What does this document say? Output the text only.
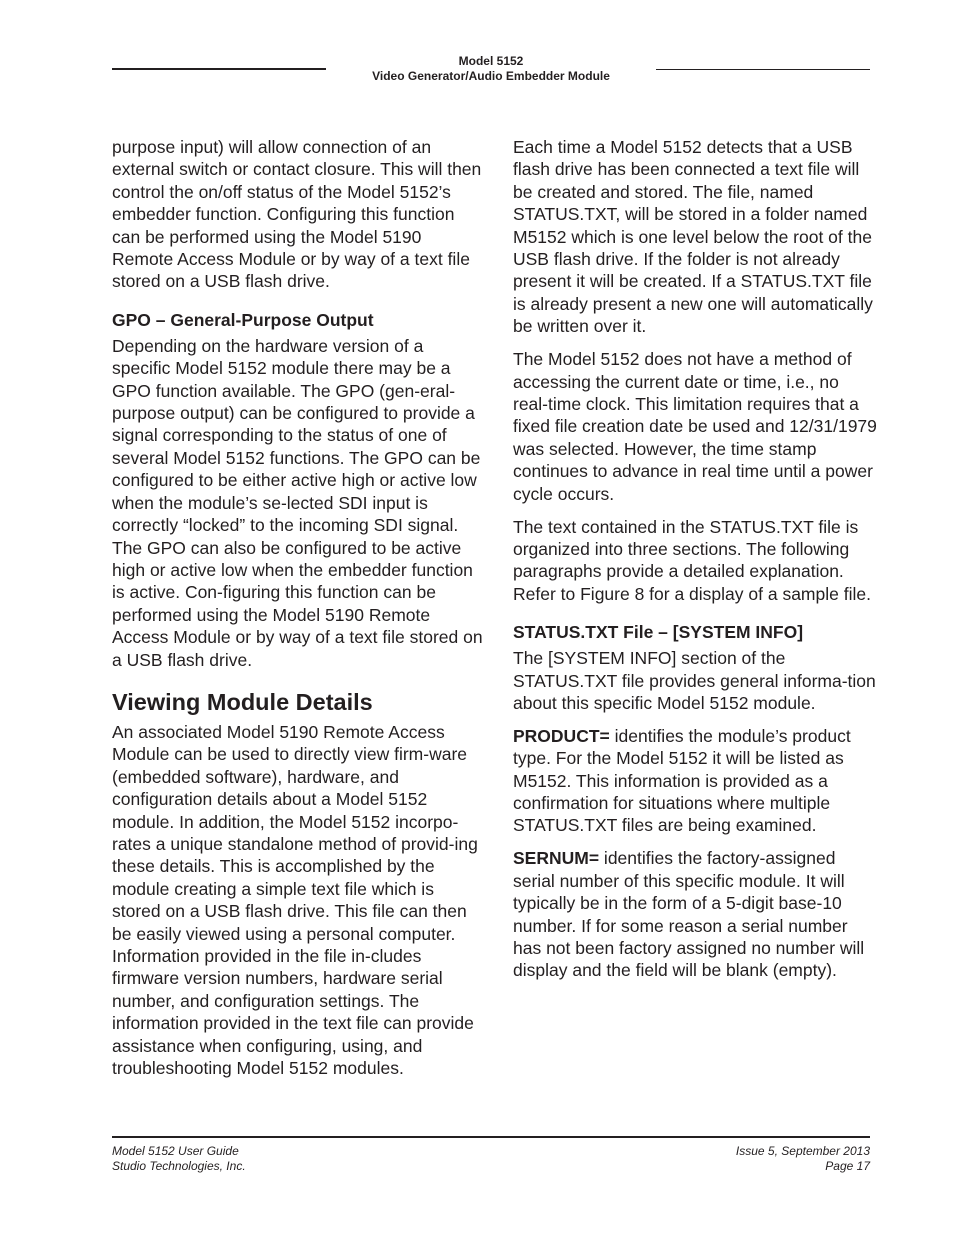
Model 5152
Video Generator/Audio Embedder Module

purpose input) will allow connection of an external switch or contact closure. This will then control the on/off status of the Model 5152’s embedder function. Configuring this function can be performed using the Model 5190 Remote Access Module or by way of a text file stored on a USB flash drive.

GPO – General-Purpose Output

Depending on the hardware version of a specific Model 5152 module there may be a GPO function available. The GPO (gen-eral-purpose output) can be configured to provide a signal corresponding to the status of one of several Model 5152 functions. The GPO can be configured to be either active high or active low when the module’s se-lected SDI input is correctly “locked” to the incoming SDI signal. The GPO can also be configured to be active high or active low when the embedder function is active. Con-figuring this function can be performed using the Model 5190 Remote Access Module or by way of a text file stored on a USB flash drive.

Viewing Module Details

An associated Model 5190 Remote Access Module can be used to directly view firm-ware (embedded software), hardware, and configuration details about a Model 5152 module. In addition, the Model 5152 incorpo-rates a unique standalone method of provid-ing these details. This is accomplished by the module creating a simple text file which is stored on a USB flash drive. This file can then be easily viewed using a personal computer. Information provided in the file in-cludes firmware version numbers, hardware serial number, and configuration settings. The information provided in the text file can provide assistance when configuring, using, and troubleshooting Model 5152 modules.

Each time a Model 5152 detects that a USB flash drive has been connected a text file will be created and stored. The file, named STATUS.TXT, will be stored in a folder named M5152 which is one level below the root of the USB flash drive. If the folder is not already present it will be created. If a STATUS.TXT file is already present a new one will automatically be written over it.

The Model 5152 does not have a method of accessing the current date or time, i.e., no real-time clock. This limitation requires that a fixed file creation date be used and 12/31/1979 was selected. However, the time stamp continues to advance in real time until a power cycle occurs.

The text contained in the STATUS.TXT file is organized into three sections. The following paragraphs provide a detailed explanation. Refer to Figure 8 for a display of a sample file.

STATUS.TXT File – [SYSTEM INFO]

The [SYSTEM INFO] section of the STATUS.TXT file provides general informa-tion about this specific Model 5152 module.

PRODUCT= identifies the module’s product type. For the Model 5152 it will be listed as M5152. This information is provided as a confirmation for situations where multiple STATUS.TXT files are being examined.

SERNUM= identifies the factory-assigned serial number of this specific module. It will typically be in the form of a 5-digit base-10 number. If for some reason a serial number has not been factory assigned no number will display and the field will be blank (empty).

Model 5152 User Guide
Studio Technologies, Inc.
Issue 5, September 2013
Page 17
